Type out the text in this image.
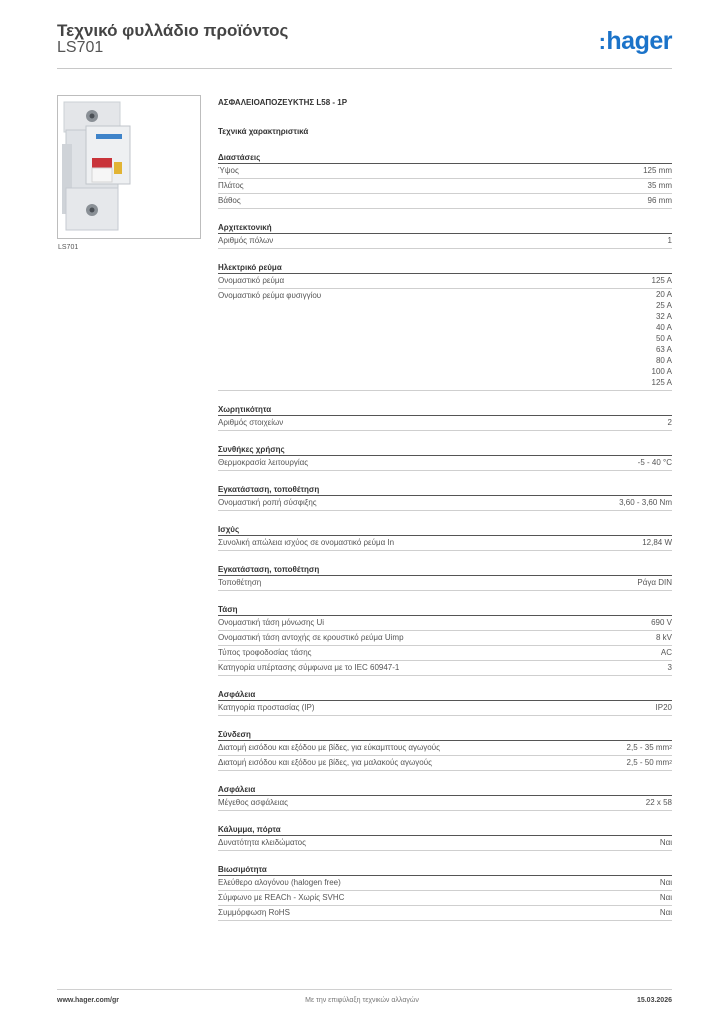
Τεχνικό φυλλάδιο προϊόντος
LS701	:hager
LS701
ΑΣΦΑΛΕΙΟΑΠΟΖΕΥΚΤΗΣ L58 - 1P
Τεχνικά χαρακτηριστικά
Διαστάσεις
Ύψος	125 mm
Πλάτος	35 mm
Βάθος	96 mm
Αρχιτεκτονική
Αριθμός πόλων	1
Ηλεκτρικό ρεύμα
Ονομαστικό ρεύμα	125 A
Ονομαστικό ρεύμα φυσιγγίου	20 A
25 A
32 A
40 A
50 A
63 A
80 A
100 A
125 A
Χωρητικότητα
Αριθμός στοιχείων	2
Συνθήκες χρήσης
Θερμοκρασία λειτουργίας	-5 - 40 °C
Εγκατάσταση, τοποθέτηση
Ονομαστική ροπή σύσφιξης	3,60 - 3,60 Nm
Ισχύς
Συνολική απώλεια ισχύος σε ονομαστικό ρεύμα In	12,84 W
Εγκατάσταση, τοποθέτηση
Τοποθέτηση	Ράγα DIN
Τάση
Ονομαστική τάση μόνωσης Ui	690 V
Ονομαστική τάση αντοχής σε κρουστικό ρεύμα Uimp	8 kV
Τύπος τροφοδοσίας τάσης	AC
Κατηγορία υπέρτασης σύμφωνα με το IEC 60947-1	3
Ασφάλεια
Κατηγορία προστασίας (IP)	IP20
Σύνδεση
Διατομή εισόδου και εξόδου με βίδες, για εύκαμπτους αγωγούς	2,5 - 35 $mm^2$
Διατομή εισόδου και εξόδου με βίδες, για μαλακούς αγωγούς	2,5 - 50 $mm^2$
Ασφάλεια
Μέγεθος ασφάλειας	22 x 58
Κάλυμμα, πόρτα
Δυνατότητα κλειδώματος	Ναι
Βιωσιμότητα
Ελεύθερο αλογόνου (halogen free)	Ναι
Σύμφωνο με REACh - Χωρίς SVHC	Ναι
Συμμόρφωση RoHS	Ναι
www.hager.com/gr	Με την επιφύλαξη τεχνικών αλλαγών	15.03.2026
